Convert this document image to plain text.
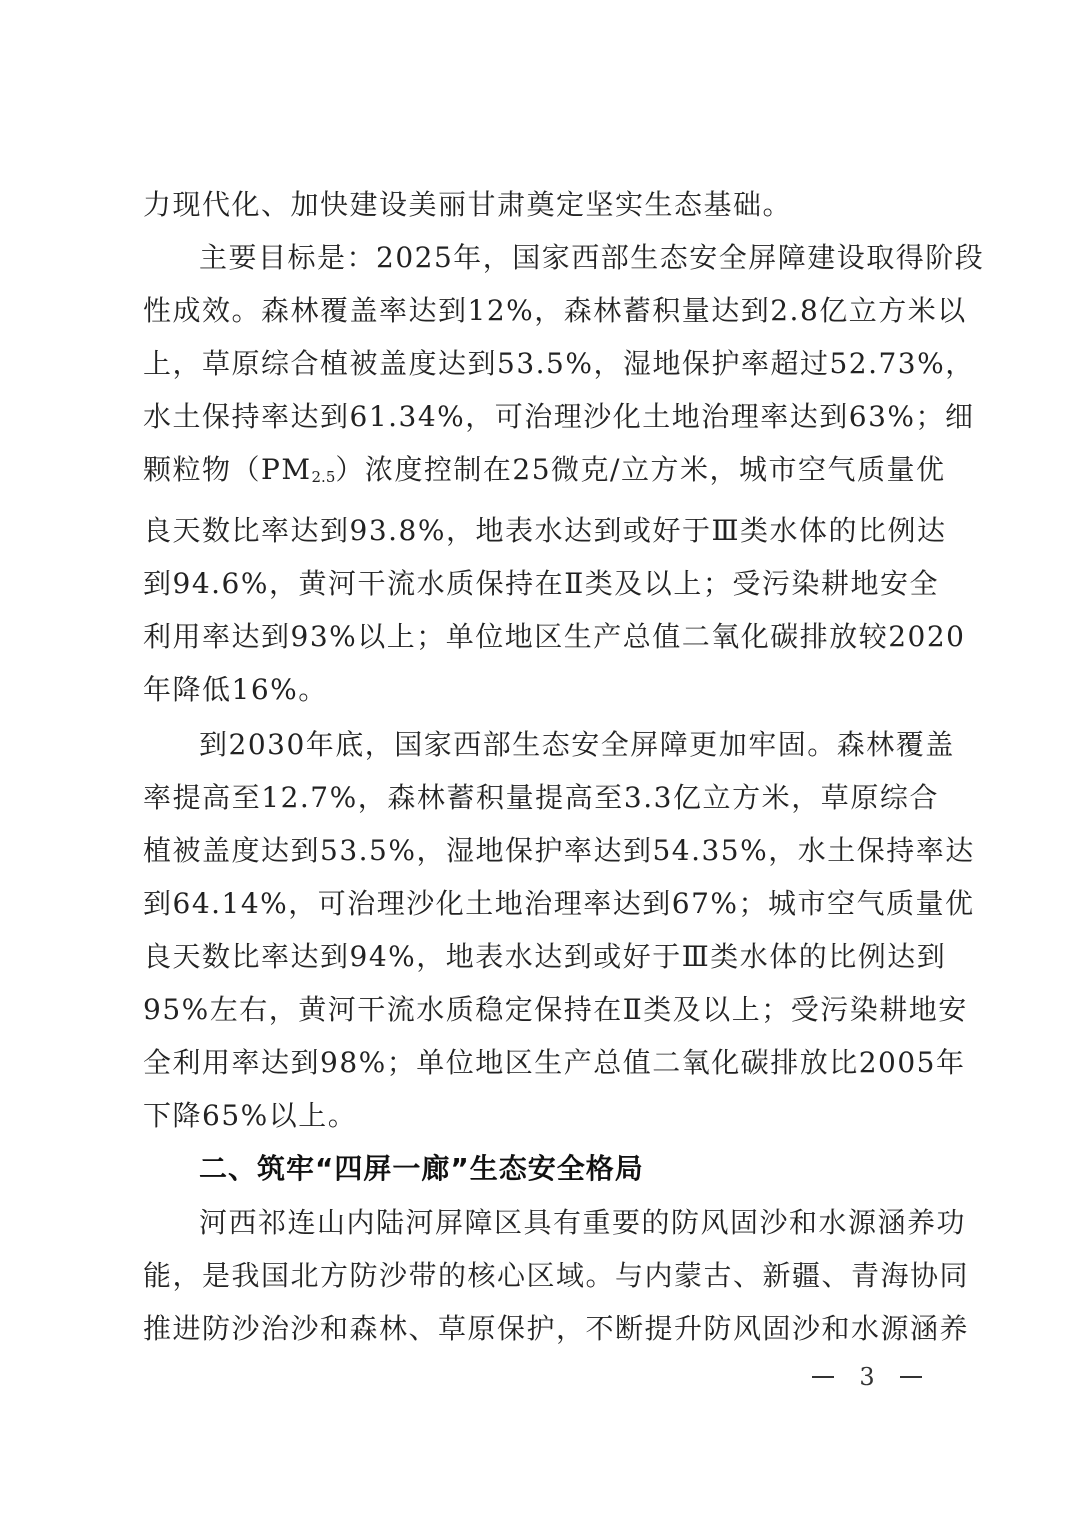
力现代化、加快建设美丽甘肃奠定坚实生态基础。

主要目标是：2025年，国家西部生态安全屏障建设取得阶段
性成效。森林覆盖率达到12%，森林蓄积量达到2.8亿立方米以
上，草原综合植被盖度达到53.5%，湿地保护率超过52.73%，
水土保持率达到61.34%，可治理沙化土地治理率达到63%；细
颗粒物$(PM_{2.5})$浓度控制在25微克/立方米，城市空气质量优
良天数比率达到93.8%，地表水达到或好于Ⅲ类水体的比例达
到94.6%，黄河干流水质保持在Ⅱ类及以上；受污染耕地安全
利用率达到93%以上；单位地区生产总值二氧化碳排放较2020
年降低16%。

到2030年底，国家西部生态安全屏障更加牢固。森林覆盖
率提高至12.7%，森林蓄积量提高至3.3亿立方米，草原综合
植被盖度达到53.5%，湿地保护率达到54.35%，水土保持率达
到64.14%，可治理沙化土地治理率达到67%；城市空气质量优
良天数比率达到94%，地表水达到或好于Ⅲ类水体的比例达到
95%左右，黄河干流水质稳定保持在Ⅱ类及以上；受污染耕地安
全利用率达到98%；单位地区生产总值二氧化碳排放比2005年
下降65%以上。

二、筑牢“四屏一廊”生态安全格局

河西祁连山内陆河屏障区具有重要的防风固沙和水源涵养功
能，是我国北方防沙带的核心区域。与内蒙古、新疆、青海协同
推进防沙治沙和森林、草原保护，不断提升防风固沙和水源涵养

3
